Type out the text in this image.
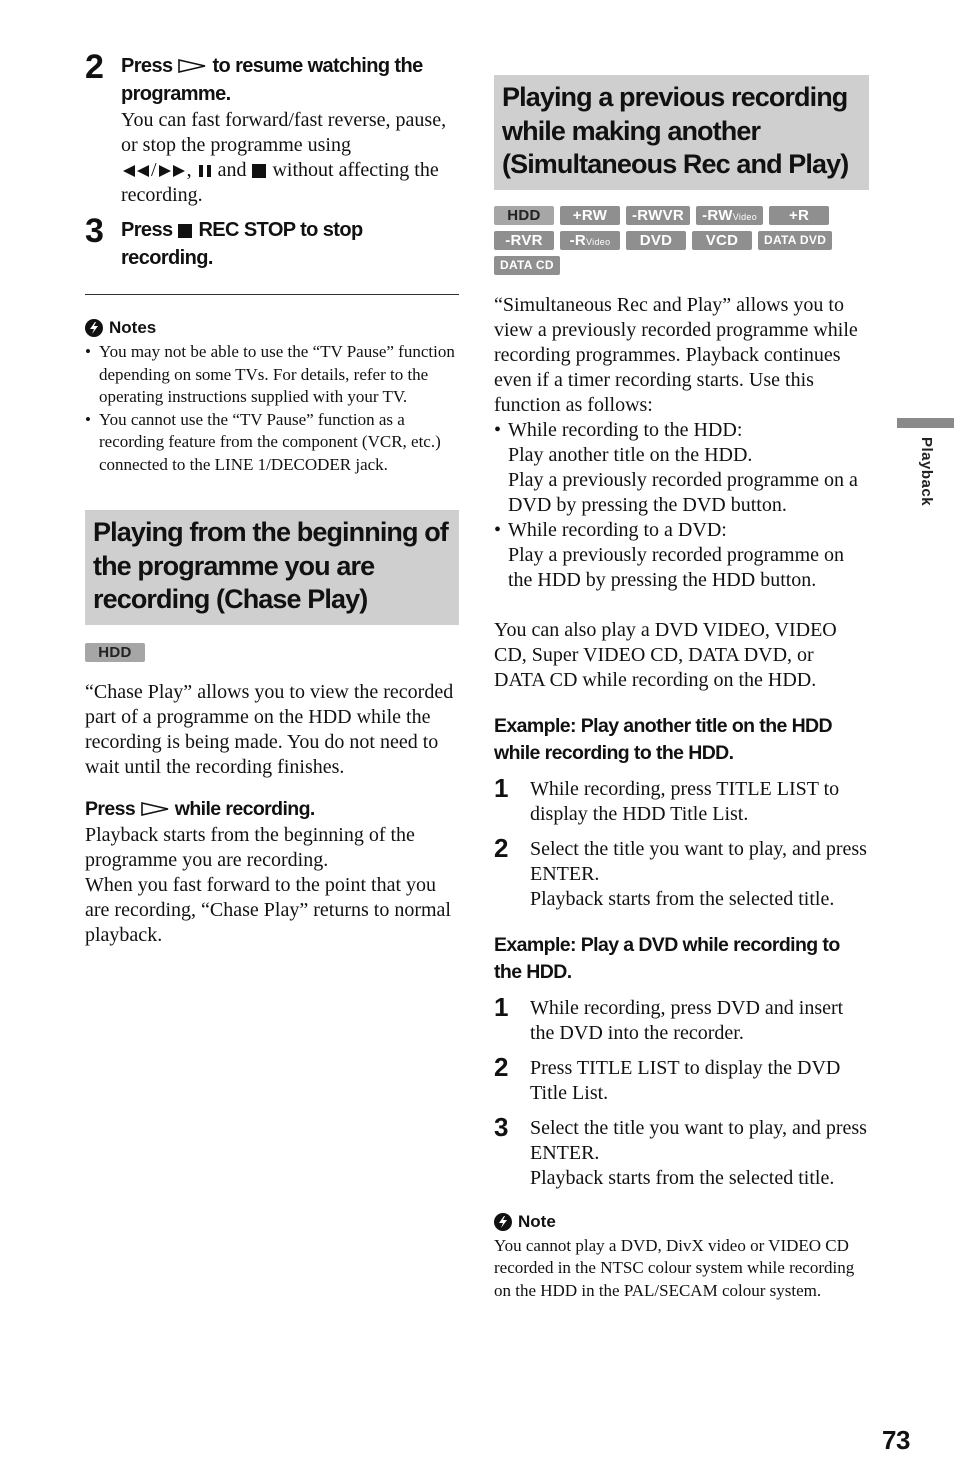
2 Press to resume watching the programme.
You can fast forward/fast reverse, pause, or stop the programme using
/ ,  and without affecting the recording.
3 Press REC STOP to stop recording.
Notes
• You may not be able to use the “TV Pause” function depending on some TVs. For details, refer to the operating instructions supplied with your TV.
• You cannot use the “TV Pause” function as a recording feature from the component (VCR, etc.) connected to the LINE 1/DECODER jack.
Playing from the beginning of the programme you are recording (Chase Play)
HDD
“Chase Play” allows you to view the recorded part of a programme on the HDD while the recording is being made. You do not need to wait until the recording finishes.
Press while recording.
Playback starts from the beginning of the programme you are recording.
When you fast forward to the point that you are recording, “Chase Play” returns to normal playback.
Playing a previous recording while making another (Simultaneous Rec and Play)
HDD +RW -RWVR -RWVideo +R -RVR -RVideo DVD VCD DATA DVD DATA CD
“Simultaneous Rec and Play” allows you to view a previously recorded programme while recording programmes. Playback continues even if a timer recording starts. Use this function as follows:
• While recording to the HDD:
Play another title on the HDD.
Play a previously recorded programme on a DVD by pressing the DVD button.
• While recording to a DVD:
Play a previously recorded programme on the HDD by pressing the HDD button.
You can also play a DVD VIDEO, VIDEO CD, Super VIDEO CD, DATA DVD, or DATA CD while recording on the HDD.
Example: Play another title on the HDD while recording to the HDD.
1 While recording, press TITLE LIST to display the HDD Title List.
2 Select the title you want to play, and press ENTER.
Playback starts from the selected title.
Example: Play a DVD while recording to the HDD.
1 While recording, press DVD and insert the DVD into the recorder.
2 Press TITLE LIST to display the DVD Title List.
3 Select the title you want to play, and press ENTER.
Playback starts from the selected title.
Note
You cannot play a DVD, DivX video or VIDEO CD recorded in the NTSC colour system while recording on the HDD in the PAL/SECAM colour system.
Playback
73
